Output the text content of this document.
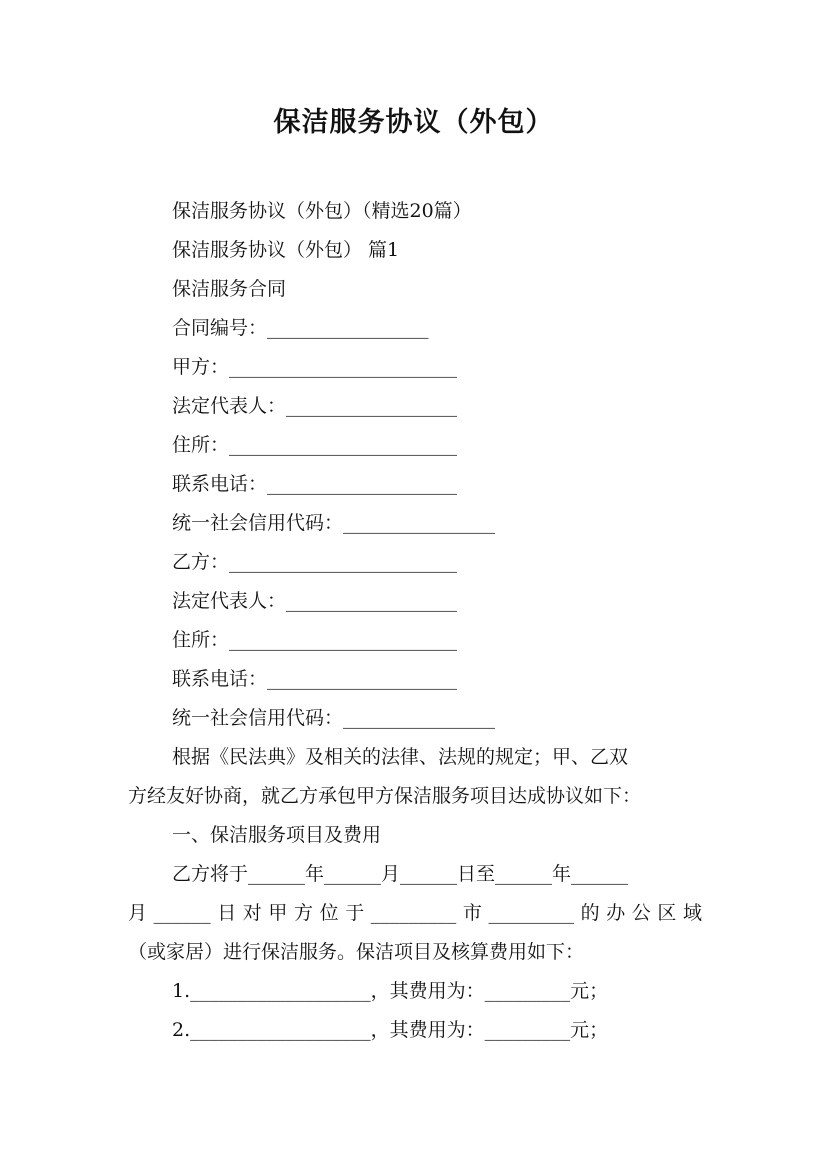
保洁服务协议（外包）
保洁服务协议（外包）（精选20篇）
保洁服务协议（外包） 篇1
保洁服务合同
合同编号：_________________
甲方：________________________
法定代表人：__________________
住所：________________________
联系电话：____________________
统一社会信用代码：________________
乙方：________________________
法定代表人：__________________
住所：________________________
联系电话：____________________
统一社会信用代码：________________
根据《民法典》及相关的法律、法规的规定；甲、乙双
方经友好协商，就乙方承包甲方保洁服务项目达成协议如下：
一、保洁服务项目及费用
乙方将于______年______月______日至______年______
月______日对甲方位于_________市_________的办公区域
（或家居）进行保洁服务。保洁项目及核算费用如下：
1.___________________，其费用为：_________元；
2.___________________，其费用为：_________元；
